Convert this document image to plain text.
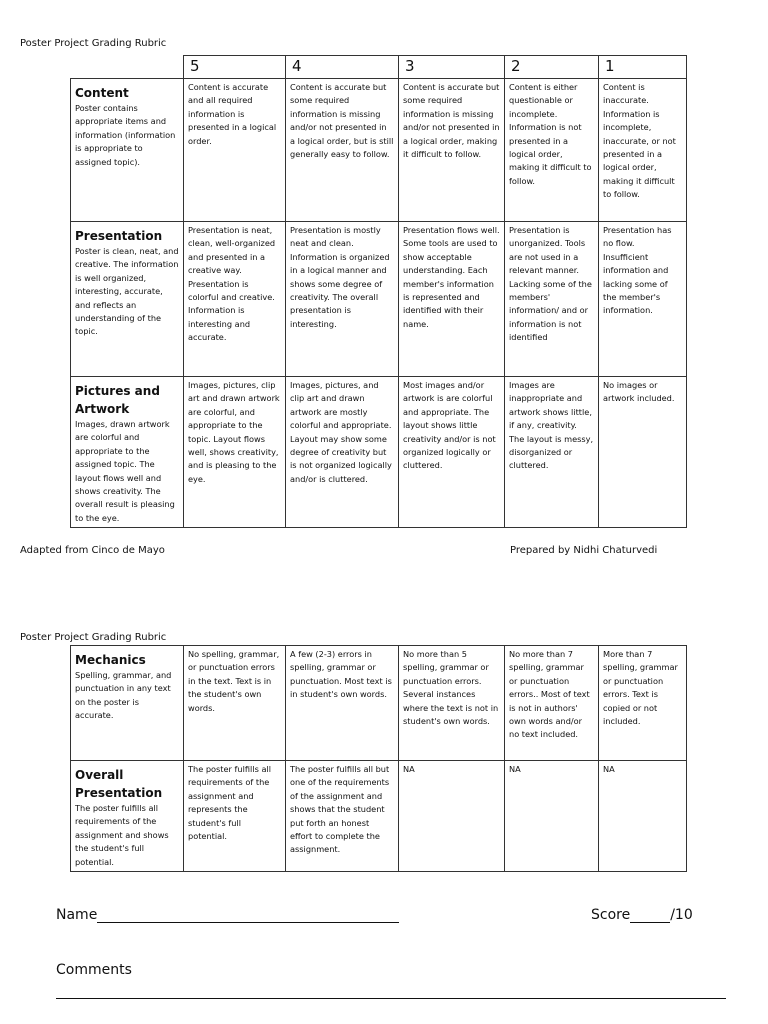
Poster Project Grading Rubric
	5	4	3	2	1

Content
Poster contains appropriate items and information (information is appropriate to assigned topic).	Content is accurate and all required information is presented in a logical order.	Content is accurate but some required information is missing and/or not presented in a logical order, but is still generally easy to follow.	Content is accurate but some required information is missing and/or not presented in a logical order, making it difficult to follow.	Content is either questionable or incomplete. Information is not presented in a logical order, making it difficult to follow.	Content is inaccurate. Information is incomplete, inaccurate, or not presented in a logical order, making it difficult to follow.

Presentation
Poster is clean, neat, and creative. The information is well organized, interesting, accurate, and reflects an understanding of the topic.	Presentation is neat, clean, well-organized and presented in a creative way. Presentation is colorful and creative. Information is interesting and accurate.	Presentation is mostly neat and clean. Information is organized in a logical manner and shows some degree of creativity. The overall presentation is interesting.	Presentation flows well. Some tools are used to show acceptable understanding. Each member's information is represented and identified with their name.	Presentation is unorganized. Tools are not used in a relevant manner. Lacking some of the members' information/ and or information is not identified	Presentation has no flow. Insufficient information and lacking some of the member's information.

Pictures and Artwork
Images, drawn artwork are colorful and appropriate to the assigned topic. The layout flows well and shows creativity. The overall result is pleasing to the eye.	Images, pictures, clip art and drawn artwork are colorful, and appropriate to the topic. Layout flows well, shows creativity, and is pleasing to the eye.	Images, pictures, and clip art and drawn artwork are mostly colorful and appropriate. Layout may show some degree of creativity but is not organized logically and/or is cluttered.	Most images and/or artwork is are colorful and appropriate. The layout shows little creativity and/or is not organized logically or cluttered.	Images are inappropriate and artwork shows little, if any, creativity. The layout is messy, disorganized or cluttered.	No images or artwork included.
Adapted from Cinco de Mayo	Prepared by Nidhi Chaturvedi
Poster Project Grading Rubric
Mechanics
Spelling, grammar, and punctuation in any text on the poster is accurate.	No spelling, grammar, or punctuation errors in the text. Text is in the student's own words.	A few (2-3) errors in spelling, grammar or punctuation. Most text is in student's own words.	No more than 5 spelling, grammar or punctuation errors. Several instances where the text is not in student's own words.	No more than 7 spelling, grammar or punctuation errors.. Most of text is not in authors' own words and/or no text included.	More than 7 spelling, grammar or punctuation errors. Text is copied or not included.

Overall Presentation
The poster fulfills all requirements of the assignment and shows the student's full potential.	The poster fulfills all requirements of the assignment and represents the student's full potential.	The poster fulfills all but one of the requirements of the assignment and shows that the student put forth an honest effort to complete the assignment.	NA	NA	NA
Name	Score	/10
Comments
